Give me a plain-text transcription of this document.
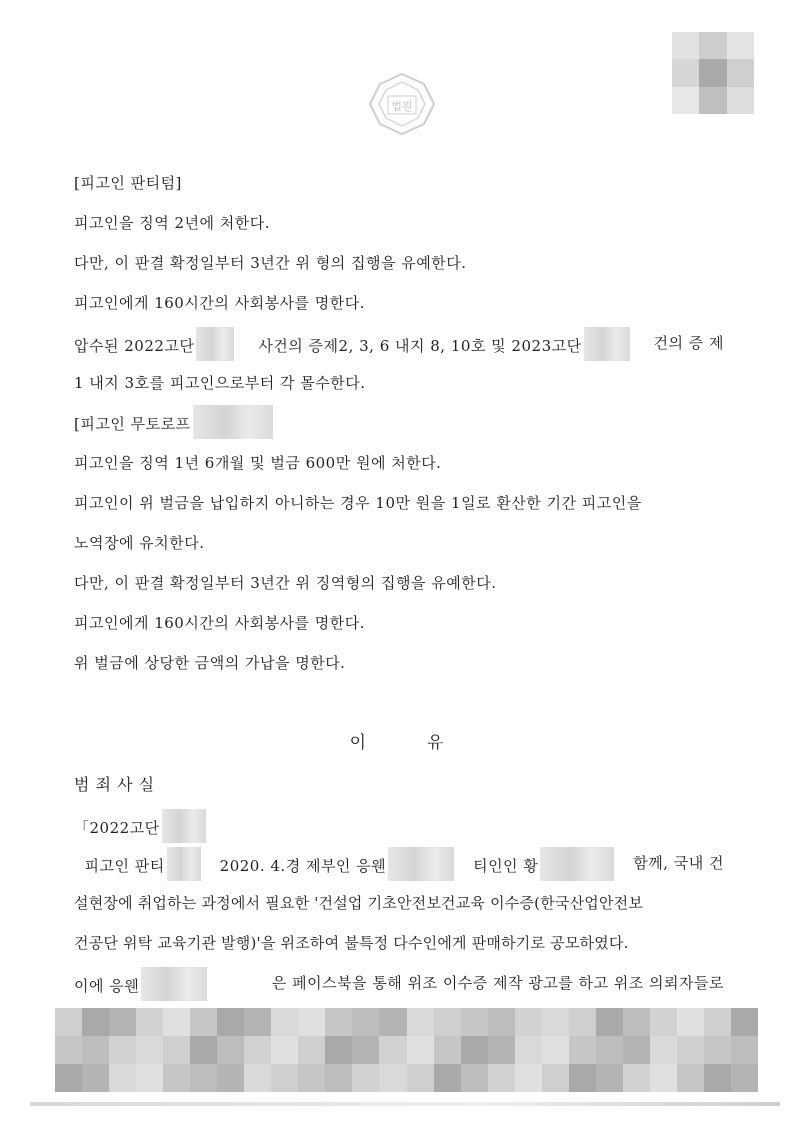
법원
[피고인 판티텀]
피고인을 징역 2년에 처한다.
다만, 이 판결 확정일부터 3년간 위 형의 집행을 유예한다.
피고인에게 160시간의 사회봉사를 명한다.
압수된 2022고단	사건의 증제2, 3, 6 내지 8, 10호 및 2023고단	건의 증 제
1 내지 3호를 피고인으로부터 각 몰수한다.
[피고인 무토로프
피고인을 징역 1년 6개월 및 벌금 600만 원에 처한다.
피고인이 위 벌금을 납입하지 아니하는 경우 10만 원을 1일로 환산한 기간 피고인을
노역장에 유치한다.
다만, 이 판결 확정일부터 3년간 위 징역형의 집행을 유예한다.
피고인에게 160시간의 사회봉사를 명한다.
위 벌금에 상당한 금액의 가납을 명한다.
이	유
범 죄 사 실
「2022고단
피고인 판티	2020. 4.경 제부인 응웬	티인인 황	함께, 국내 건
설현장에 취업하는 과정에서 필요한 '건설업 기초안전보건교육 이수증(한국산업안전보
건공단 위탁 교육기관 발행)'을 위조하여 불특정 다수인에게 판매하기로 공모하였다.
이에 응웬	은 페이스북을 통해 위조 이수증 제작 광고를 하고 위조 의뢰자들로
